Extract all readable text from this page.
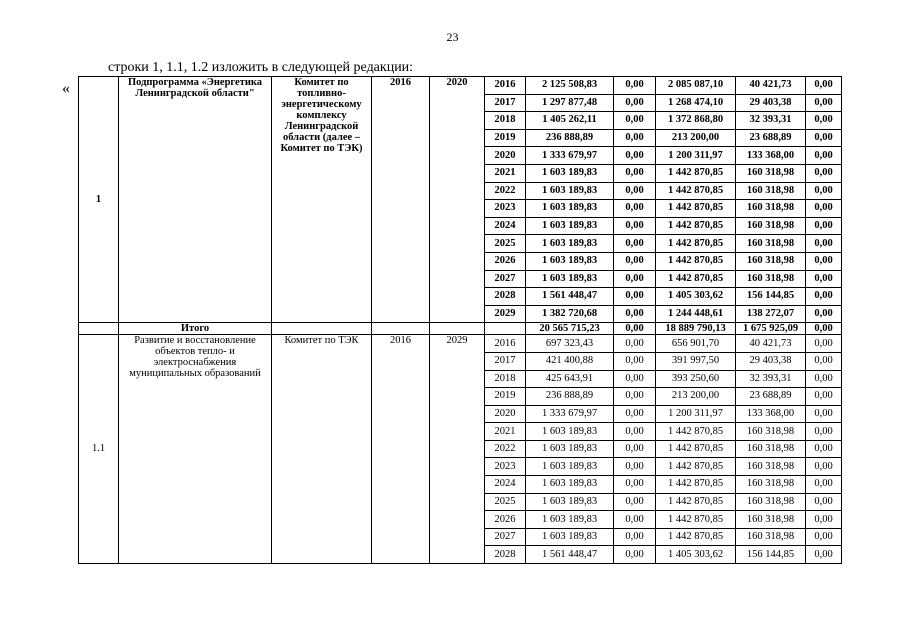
23
строки 1, 1.1, 1.2 изложить в следующей редакции:
«
1	Подпрограмма «Энергетика Ленинградской области"	Комитет по топливно-энергетическому комплексу Ленинградской области (далее – Комитет по ТЭК)	2016	2020	2016	2 125 508,83	0,00	2 085 087,10	40 421,73	0,00
					2017	1 297 877,48	0,00	1 268 474,10	29 403,38	0,00
					2018	1 405 262,11	0,00	1 372 868,80	32 393,31	0,00
					2019	236 888,89	0,00	213 200,00	23 688,89	0,00
					2020	1 333 679,97	0,00	1 200 311,97	133 368,00	0,00
					2021	1 603 189,83	0,00	1 442 870,85	160 318,98	0,00
					2022	1 603 189,83	0,00	1 442 870,85	160 318,98	0,00
					2023	1 603 189,83	0,00	1 442 870,85	160 318,98	0,00
					2024	1 603 189,83	0,00	1 442 870,85	160 318,98	0,00
					2025	1 603 189,83	0,00	1 442 870,85	160 318,98	0,00
					2026	1 603 189,83	0,00	1 442 870,85	160 318,98	0,00
					2027	1 603 189,83	0,00	1 442 870,85	160 318,98	0,00
					2028	1 561 448,47	0,00	1 405 303,62	156 144,85	0,00
					2029	1 382 720,68	0,00	1 244 448,61	138 272,07	0,00
	Итого					20 565 715,23	0,00	18 889 790,13	1 675 925,09	0,00
1.1	Развитие и восстановление объектов тепло- и электроснабжения муниципальных образований	Комитет по ТЭК	2016	2029	2016	697 323,43	0,00	656 901,70	40 421,73	0,00
					2017	421 400,88	0,00	391 997,50	29 403,38	0,00
					2018	425 643,91	0,00	393 250,60	32 393,31	0,00
					2019	236 888,89	0,00	213 200,00	23 688,89	0,00
					2020	1 333 679,97	0,00	1 200 311,97	133 368,00	0,00
					2021	1 603 189,83	0,00	1 442 870,85	160 318,98	0,00
					2022	1 603 189,83	0,00	1 442 870,85	160 318,98	0,00
					2023	1 603 189,83	0,00	1 442 870,85	160 318,98	0,00
					2024	1 603 189,83	0,00	1 442 870,85	160 318,98	0,00
					2025	1 603 189,83	0,00	1 442 870,85	160 318,98	0,00
					2026	1 603 189,83	0,00	1 442 870,85	160 318,98	0,00
					2027	1 603 189,83	0,00	1 442 870,85	160 318,98	0,00
					2028	1 561 448,47	0,00	1 405 303,62	156 144,85	0,00
